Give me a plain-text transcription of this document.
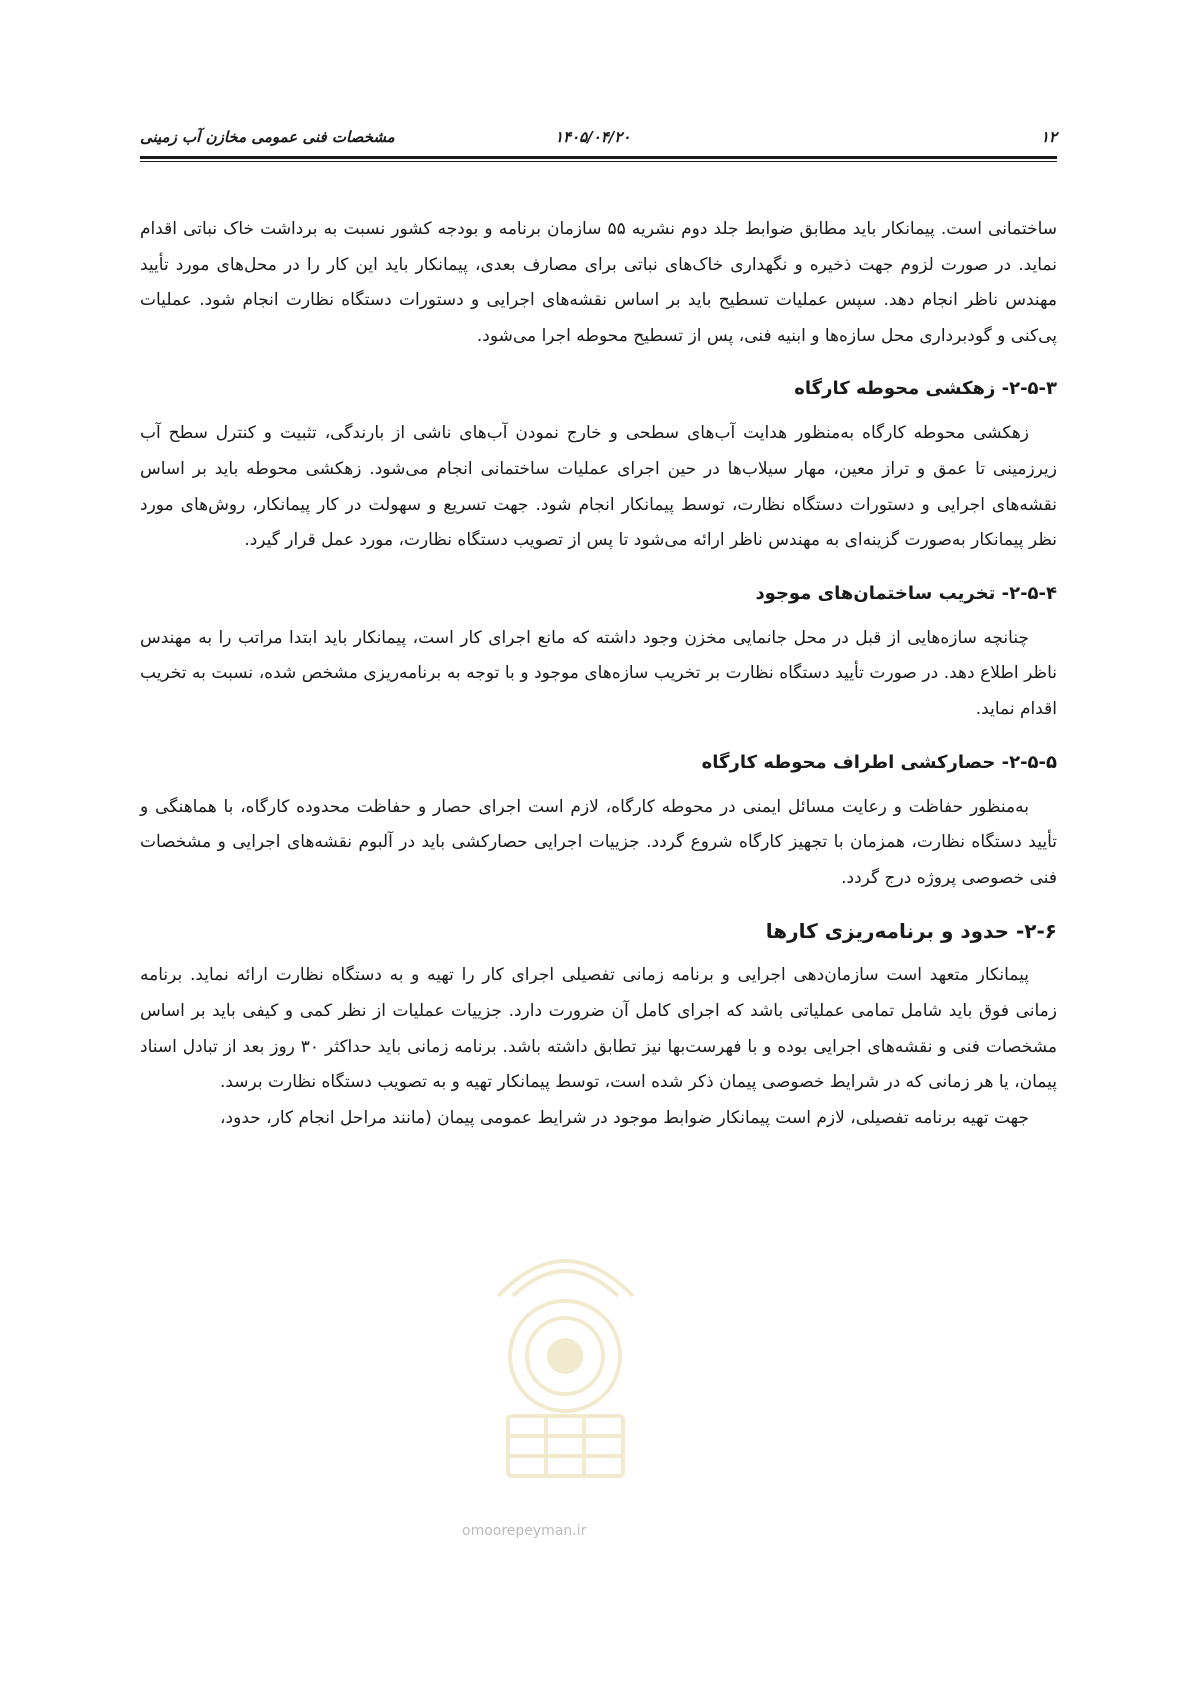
۱۲
۱۴۰۵/۰۴/۲۰
مشخصات فنی عمومی مخازن آب زمینی

ساختمانی است. پیمانکار باید مطابق ضوابط جلد دوم نشریه ۵۵ سازمان برنامه و بودجه کشور نسبت به برداشت خاک نباتی اقدام نماید. در صورت لزوم جهت ذخیره و نگهداری خاک‌های نباتی برای مصارف بعدی، پیمانکار باید این کار را در محل‌های مورد تأیید مهندس ناظر انجام دهد. سپس عملیات تسطیح باید بر اساس نقشه‌های اجرایی و دستورات دستگاه نظارت انجام شود. عملیات پی‌کنی و گودبرداری محل سازه‌ها و ابنیه فنی، پس از تسطیح محوطه اجرا می‌شود.

۲-۵-۳- زهکشی محوطه کارگاه

زهکشی محوطه کارگاه به‌منظور هدایت آب‌های سطحی و خارج نمودن آب‌های ناشی از بارندگی، تثبیت و کنترل سطح آب زیرزمینی تا عمق و تراز معین، مهار سیلاب‌ها در حین اجرای عملیات ساختمانی انجام می‌شود. زهکشی محوطه باید بر اساس نقشه‌های اجرایی و دستورات دستگاه نظارت، توسط پیمانکار انجام شود. جهت تسریع و سهولت در کار پیمانکار، روش‌های مورد نظر پیمانکار به‌صورت گزینه‌ای به مهندس ناظر ارائه می‌شود تا پس از تصویب دستگاه نظارت، مورد عمل قرار گیرد.

۲-۵-۴- تخریب ساختمان‌های موجود

چنانچه سازه‌هایی از قبل در محل جانمایی مخزن وجود داشته که مانع اجرای کار است، پیمانکار باید ابتدا مراتب را به مهندس ناظر اطلاع دهد. در صورت تأیید دستگاه نظارت بر تخریب سازه‌های موجود و با توجه به برنامه‌ریزی مشخص شده، نسبت به تخریب اقدام نماید.

۲-۵-۵- حصارکشی اطراف محوطه کارگاه

به‌منظور حفاظت و رعایت مسائل ایمنی در محوطه کارگاه، لازم است اجرای حصار و حفاظت محدوده کارگاه، با هماهنگی و تأیید دستگاه نظارت، همزمان با تجهیز کارگاه شروع گردد. جزییات اجرایی حصارکشی باید در آلبوم نقشه‌های اجرایی و مشخصات فنی خصوصی پروژه درج گردد.

۲-۶- حدود و برنامه‌ریزی کارها

پیمانکار متعهد است سازمان‌دهی اجرایی و برنامه زمانی تفصیلی اجرای کار را تهیه و به دستگاه نظارت ارائه نماید. برنامه زمانی فوق باید شامل تمامی عملیاتی باشد که اجرای کامل آن ضرورت دارد. جزییات عملیات از نظر کمی و کیفی باید بر اساس مشخصات فنی و نقشه‌های اجرایی بوده و با فهرست‌بها نیز تطابق داشته باشد. برنامه زمانی باید حداکثر ۳۰ روز بعد از تبادل اسناد پیمان، یا هر زمانی که در شرایط خصوصی پیمان ذکر شده است، توسط پیمانکار تهیه و به تصویب دستگاه نظارت برسد.

جهت تهیه برنامه تفصیلی، لازم است پیمانکار ضوابط موجود در شرایط عمومی پیمان (مانند مراحل انجام کار، حدود،

omoorepeyman.ir
